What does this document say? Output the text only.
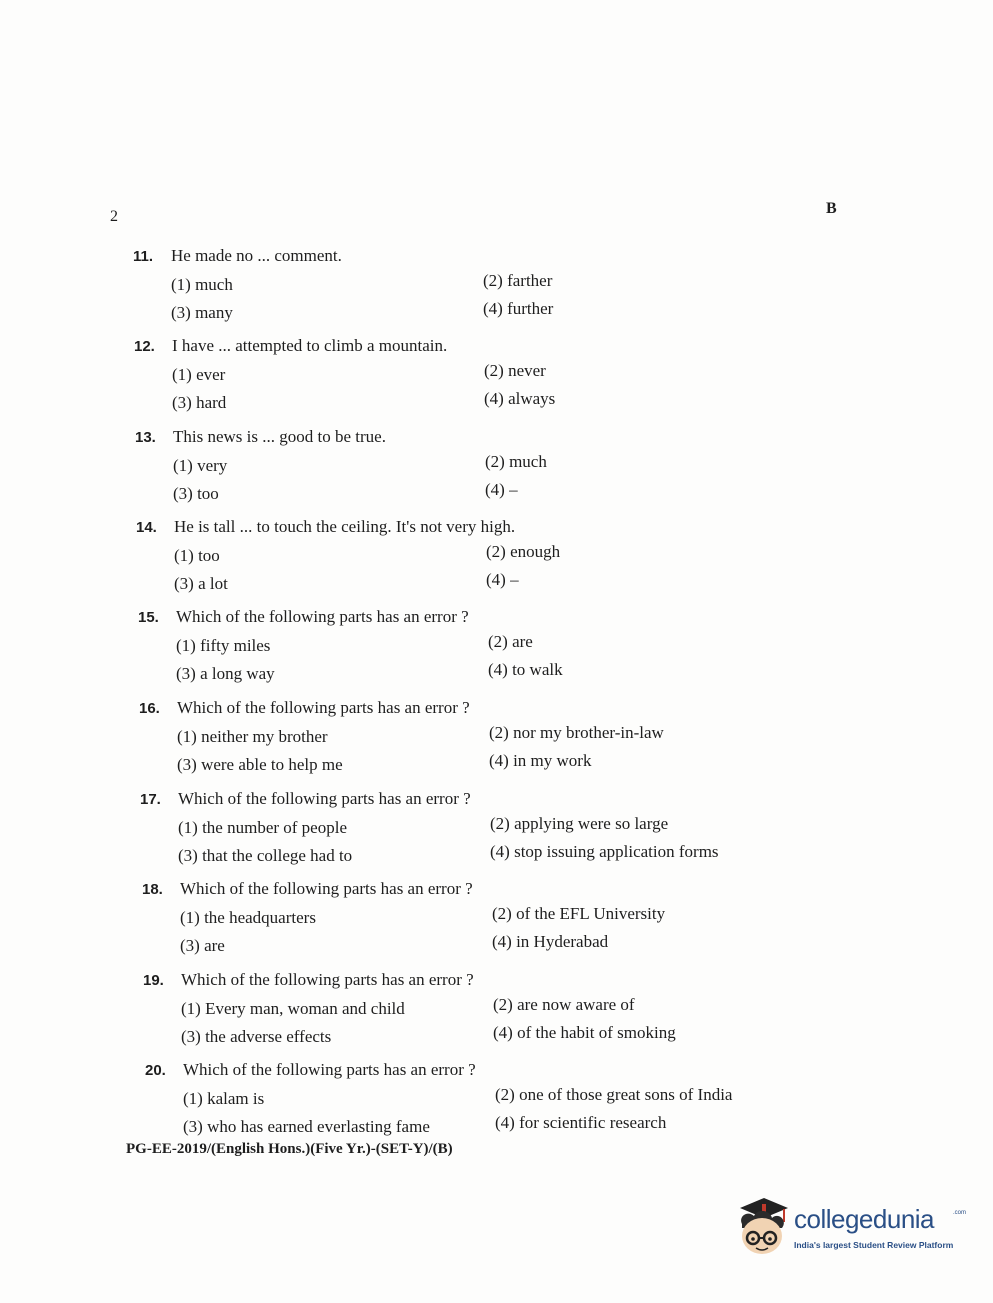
2	B
11. He made no ... comment.
(1) much	(2) farther
(3) many	(4) further
12. I have ... attempted to climb a mountain.
(1) ever	(2) never
(3) hard	(4) always
13. This news is ... good to be true.
(1) very	(2) much
(3) too	(4) –
14. He is tall ... to touch the ceiling. It's not very high.
(1) too	(2) enough
(3) a lot	(4) –
15. Which of the following parts has an error ?
(1) fifty miles	(2) are
(3) a long way	(4) to walk
16. Which of the following parts has an error ?
(1) neither my brother	(2) nor my brother-in-law
(3) were able to help me	(4) in my work
17. Which of the following parts has an error ?
(1) the number of people	(2) applying were so large
(3) that the college had to	(4) stop issuing application forms
18. Which of the following parts has an error ?
(1) the headquarters	(2) of the EFL University
(3) are	(4) in Hyderabad
19. Which of the following parts has an error ?
(1) Every man, woman and child	(2) are now aware of
(3) the adverse effects	(4) of the habit of smoking
20. Which of the following parts has an error ?
(1) kalam is	(2) one of those great sons of India
(3) who has earned everlasting fame	(4) for scientific research
PG-EE-2019/(English Hons.)(Five Yr.)-(SET-Y)/(B)
collegedunia	.com
India's largest Student Review Platform
